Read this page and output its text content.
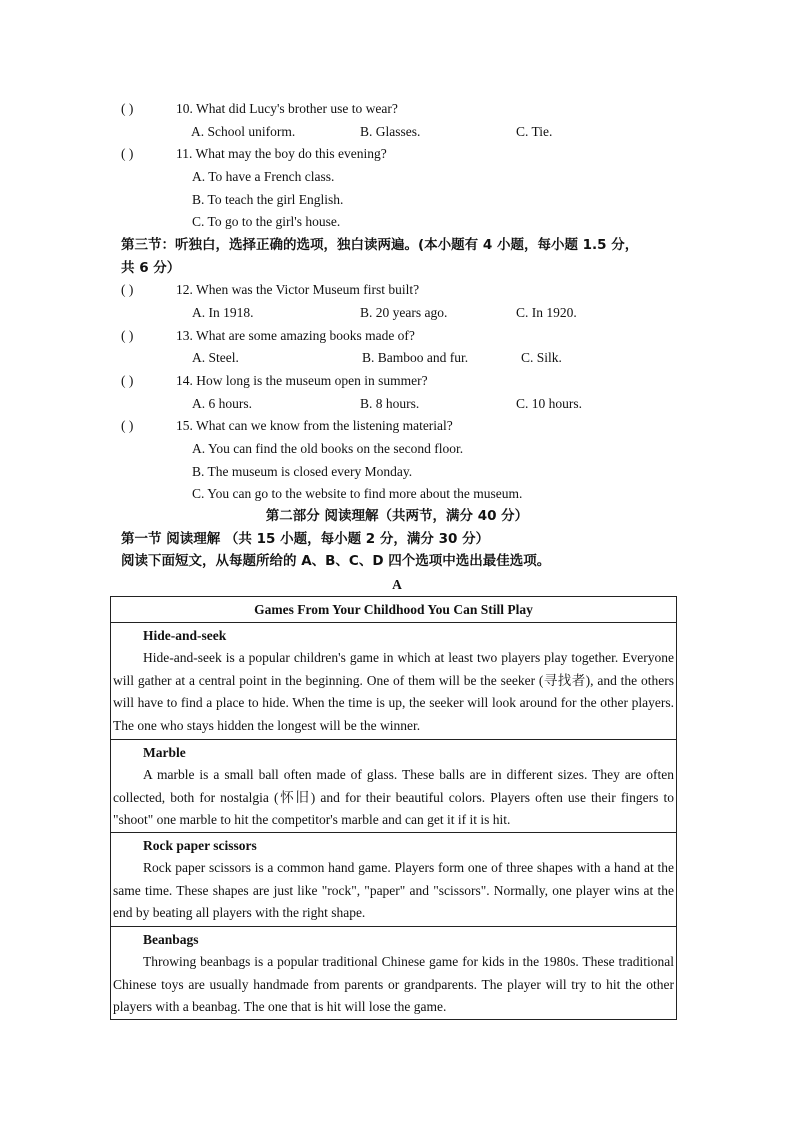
( )	10. What did Lucy's brother use to wear?
A. School uniform.	B. Glasses.	C. Tie.
( )	11. What may the boy do this evening?
A. To have a French class.
B. To teach the girl English.
C. To go to the girl's house.
第三节：听独白，选择正确的选项，独白读两遍。(本小题有 4 小题，每小题 1.5 分，
共 6 分）
( )	12. When was the Victor Museum first built?
A. In 1918.	B. 20 years ago.	C. In 1920.
( )	13. What are some amazing books made of?
A. Steel.	B. Bamboo and fur.	C. Silk.
( )	14. How long is the museum open in summer?
A. 6 hours.	B. 8 hours.	C. 10 hours.
( )	15. What can we know from the listening material?
A. You can find the old books on the second floor.
B. The museum is closed every Monday.
C. You can go to the website to find more about the museum.
第二部分 阅读理解（共两节，满分 40 分）
第一节 阅读理解 （共 15 小题，每小题 2 分，满分 30 分）
阅读下面短文，从每题所给的 A、B、C、D 四个选项中选出最佳选项。
A
Games From Your Childhood You Can Still Play
Hide-and-seek
Hide-and-seek is a popular children's game in which at least two players play together. Everyone will gather at a central point in the beginning. One of them will be the seeker (寻找者), and the others will have to find a place to hide. When the time is up, the seeker will look around for the other players. The one who stays hidden the longest will be the winner.
Marble
A marble is a small ball often made of glass. These balls are in different sizes. They are often collected, both for nostalgia (怀旧) and for their beautiful colors. Players often use their fingers to "shoot" one marble to hit the competitor's marble and can get it if it is hit.
Rock paper scissors
Rock paper scissors is a common hand game. Players form one of three shapes with a hand at the same time. These shapes are just like "rock", "paper" and "scissors". Normally, one player wins at the end by beating all players with the right shape.
Beanbags
Throwing beanbags is a popular traditional Chinese game for kids in the 1980s. These traditional Chinese toys are usually handmade from parents or grandparents. The player will try to hit the other players with a beanbag. The one that is hit will lose the game.
